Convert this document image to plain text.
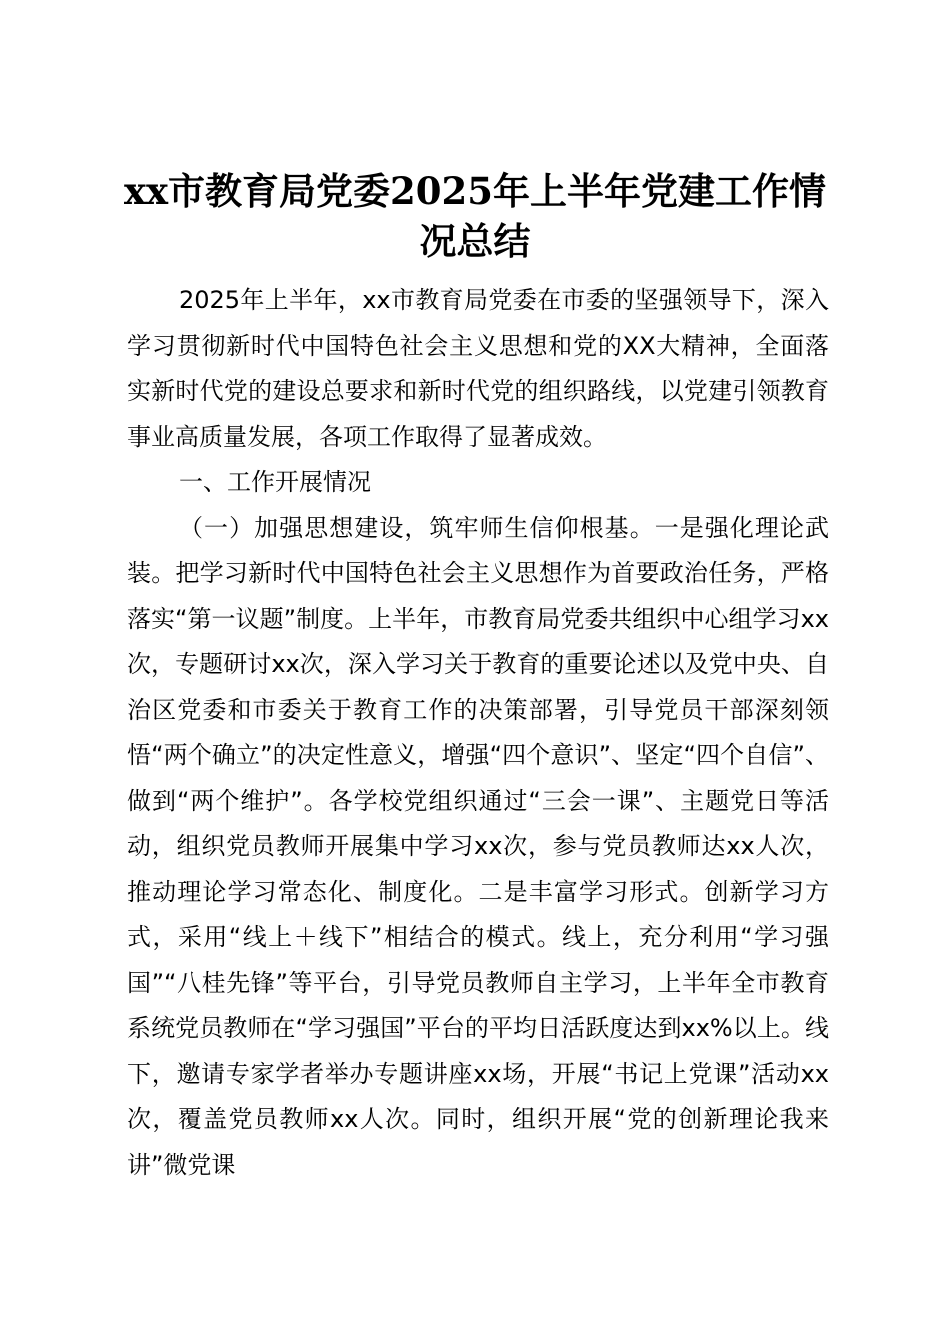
xx市教育局党委2025年上半年党建工作情况总结

2025年上半年，xx市教育局党委在市委的坚强领导下，深入学习贯彻新时代中国特色社会主义思想和党的XX大精神，全面落实新时代党的建设总要求和新时代党的组织路线，以党建引领教育事业高质量发展，各项工作取得了显著成效。

一、工作开展情况

（一）加强思想建设，筑牢师生信仰根基。一是强化理论武装。把学习新时代中国特色社会主义思想作为首要政治任务，严格落实“第一议题”制度。上半年，市教育局党委共组织中心组学习xx次，专题研讨xx次，深入学习关于教育的重要论述以及党中央、自治区党委和市委关于教育工作的决策部署，引导党员干部深刻领悟“两个确立”的决定性意义，增强“四个意识”、坚定“四个自信”、做到“两个维护”。各学校党组织通过“三会一课”、主题党日等活动，组织党员教师开展集中学习xx次，参与党员教师达xx人次，推动理论学习常态化、制度化。二是丰富学习形式。创新学习方式，采用“线上＋线下”相结合的模式。线上，充分利用“学习强国”“八桂先锋”等平台，引导党员教师自主学习，上半年全市教育系统党员教师在“学习强国”平台的平均日活跃度达到xx%以上。线下，邀请专家学者举办专题讲座xx场，开展“书记上党课”活动xx次，覆盖党员教师xx人次。同时，组织开展“党的创新理论我来讲”微党课
